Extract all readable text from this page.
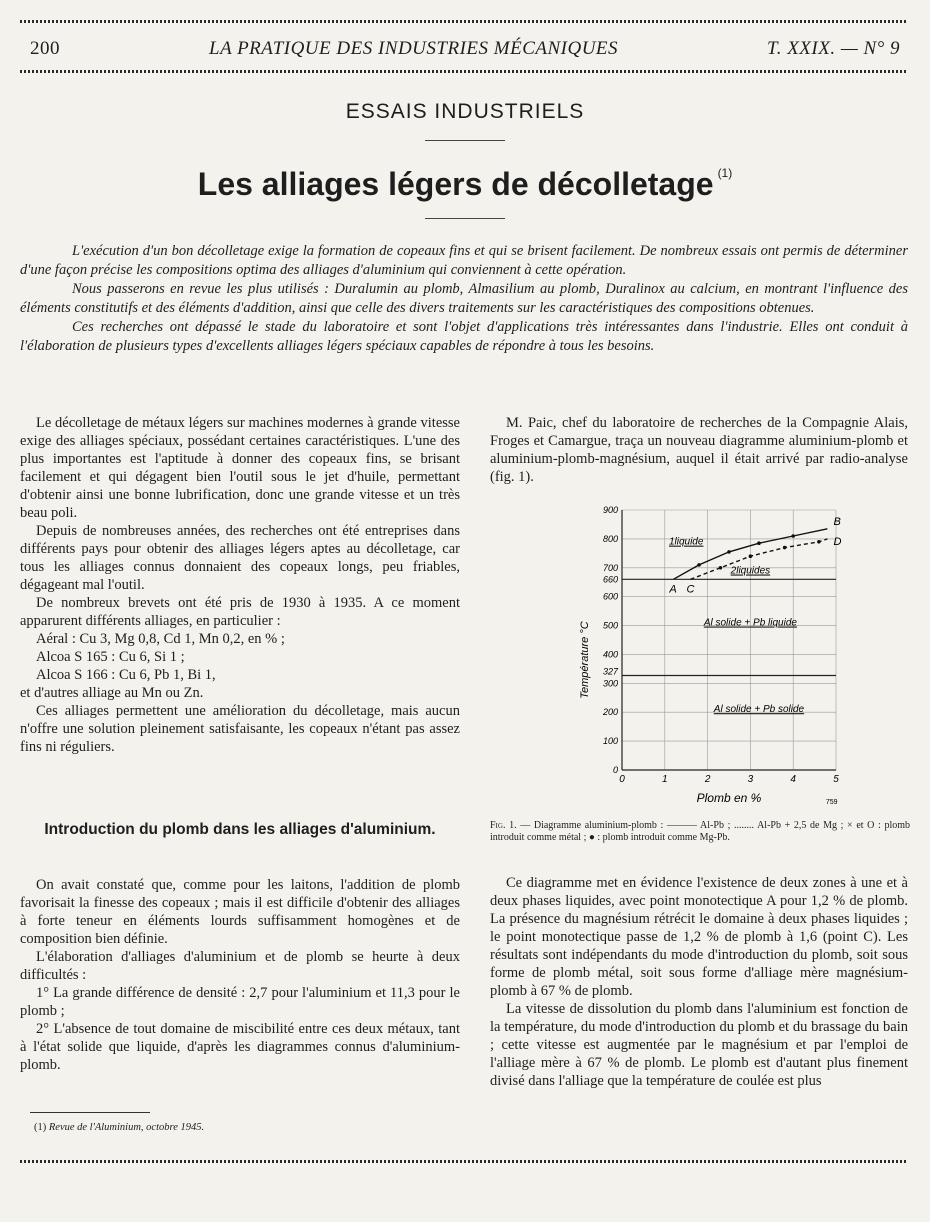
200	LA PRATIQUE DES INDUSTRIES MÉCANIQUES	T. XXIX. — N° 9
ESSAIS INDUSTRIELS
Les alliages légers de décolletage $^{(1)}$

L'exécution d'un bon décolletage exige la formation de copeaux fins et qui se brisent facilement. De nombreux essais ont permis de déterminer d'une façon précise les compositions optima des alliages d'aluminium qui conviennent à cette opération.

Nous passerons en revue les plus utilisés : Duralumin au plomb, Almasilium au plomb, Duralinox au calcium, en montrant l'influence des éléments constitutifs et des éléments d'addition, ainsi que celle des divers traitements sur les caractéristiques des compositions obtenues.

Ces recherches ont dépassé le stade du laboratoire et sont l'objet d'applications très intéressantes dans l'industrie. Elles ont conduit à l'élaboration de plusieurs types d'excellents alliages légers spéciaux capables de répondre à tous les besoins.

Le décolletage de métaux légers sur machines modernes à grande vitesse exige des alliages spéciaux, possédant certaines caractéristiques. L'une des plus importantes est l'aptitude à donner des copeaux fins, se brisant facilement et qui dégagent bien l'outil sous le jet d'huile, permettant d'obtenir ainsi une bonne lubrification, donc une grande vitesse et un très beau poli.

Depuis de nombreuses années, des recherches ont été entreprises dans différents pays pour obtenir des alliages légers aptes au décolletage, car tous les alliages connus donnaient des copeaux longs, peu friables, dégageant mal l'outil.

De nombreux brevets ont été pris de 1930 à 1935. A ce moment apparurent différents alliages, en particulier :

Aéral : Cu 3, Mg 0,8, Cd 1, Mn 0,2, en % ;

Alcoa S 165 : Cu 6, Si 1 ;

Alcoa S 166 : Cu 6, Pb 1, Bi 1,

et d'autres alliage au Mn ou Zn.

Ces alliages permettent une amélioration du décolletage, mais aucun n'offre une solution pleinement satisfaisante, les copeaux n'étant pas assez fins ni réguliers.

Introduction du plomb dans les alliages d'aluminium.

On avait constaté que, comme pour les laitons, l'addition de plomb favorisait la finesse des copeaux ; mais il est difficile d'obtenir des alliages à forte teneur en éléments lourds suffisamment homogènes et de composition bien définie.

L'élaboration d'alliages d'aluminium et de plomb se heurte à deux difficultés :

1° La grande différence de densité : 2,7 pour l'aluminium et 11,3 pour le plomb ;

2° L'absence de tout domaine de miscibilité entre ces deux métaux, tant à l'état solide que liquide, d'après les diagrammes connus d'aluminium-plomb.

(1) Revue de l'Aluminium, octobre 1945.

M. Paic, chef du laboratoire de recherches de la Compagnie Alais, Froges et Camargue, traça un nouveau diagramme aluminium-plomb et aluminium-plomb-magnésium, auquel il était arrivé par radio-analyse (fig. 1).

0	1	2	3	4	5
0
100
200
300
400
500
600
700
800
900
660
327
759
Plomb en %
Température °C
A C
B
D
1liquide
2liquides
Al solide + Pb liquide
Al solide + Pb solide
Fig. 1. — Diagramme aluminium-plomb : ——— Al-Pb ; ........ Al-Pb + 2,5 de Mg ; × et O : plomb introduit comme métal ; ● : plomb introduit comme Mg-Pb.

Ce diagramme met en évidence l'existence de deux zones à une et à deux phases liquides, avec point monotectique A pour 1,2 % de plomb. La présence du magnésium rétrécit le domaine à deux phases liquides ; le point monotectique passe de 1,2 % de plomb à 1,6 (point C). Les résultats sont indépendants du mode d'introduction du plomb, soit sous forme de plomb métal, soit sous forme d'alliage mère magnésium-plomb à 67 % de plomb.

La vitesse de dissolution du plomb dans l'aluminium est fonction de la température, du mode d'introduction du plomb et du brassage du bain ; cette vitesse est augmentée par le magnésium et par l'emploi de l'alliage mère à 67 % de plomb. Le plomb est d'autant plus finement divisé dans l'alliage que la température de coulée est plus
